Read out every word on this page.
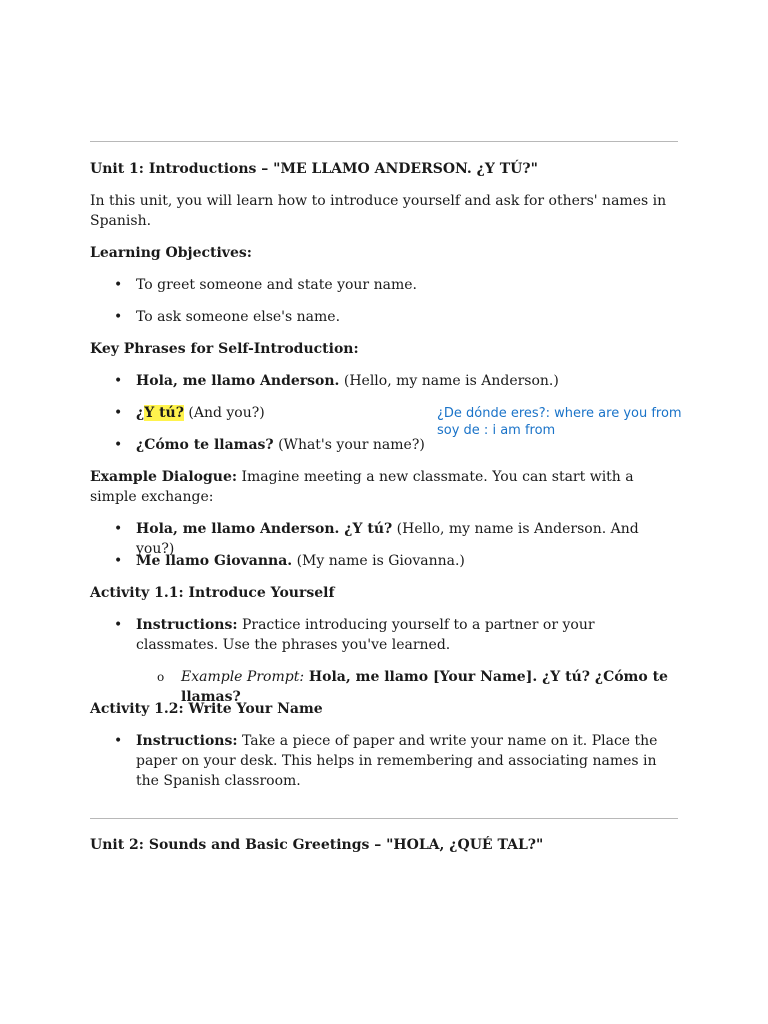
Unit 1: Introductions – "ME LLAMO ANDERSON. ¿Y TÚ?"

In this unit, you will learn how to introduce yourself and ask for others' names in Spanish.

Learning Objectives:

• To greet someone and state your name.
• To ask someone else's name.

Key Phrases for Self-Introduction:

• Hola, me llamo Anderson. (Hello, my name is Anderson.)
• ¿Y tú? (And you?)
• ¿Cómo te llamas? (What's your name?)
¿De dónde eres?: where are you from
soy de : i am from

Example Dialogue: Imagine meeting a new classmate. You can start with a simple exchange:

• Hola, me llamo Anderson. ¿Y tú? (Hello, my name is Anderson. And you?)
• Me llamo Giovanna. (My name is Giovanna.)

Activity 1.1: Introduce Yourself

• Instructions: Practice introducing yourself to a partner or your classmates. Use the phrases you've learned.
o Example Prompt: Hola, me llamo [Your Name]. ¿Y tú? ¿Cómo te llamas?

Activity 1.2: Write Your Name

• Instructions: Take a piece of paper and write your name on it. Place the paper on your desk. This helps in remembering and associating names in the Spanish classroom.

Unit 2: Sounds and Basic Greetings – "HOLA, ¿QUÉ TAL?"
